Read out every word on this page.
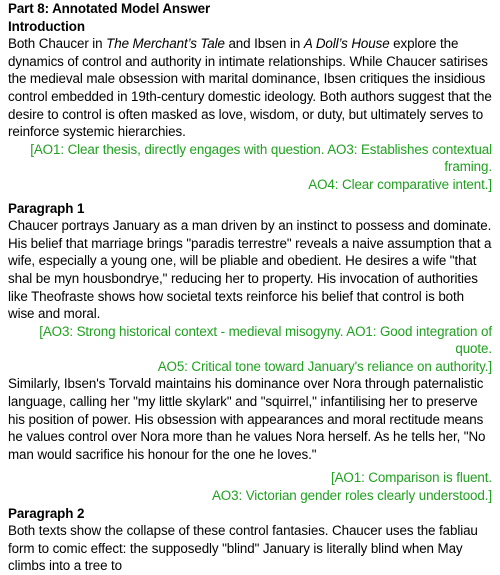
Part 8: Annotated Model Answer
Introduction

Both Chaucer in The Merchant’s Tale and Ibsen in A Doll’s House explore the dynamics of control and authority in intimate relationships. While Chaucer satirises the medieval male obsession with marital dominance, Ibsen critiques the insidious control embedded in 19th-century domestic ideology. Both authors suggest that the desire to control is often masked as love, wisdom, or duty, but ultimately serves to reinforce systemic hierarchies.

[AO1: Clear thesis, directly engages with question. AO3: Establishes contextual framing.
AO4: Clear comparative intent.]
Paragraph 1

Chaucer portrays January as a man driven by an instinct to possess and dominate. His belief that marriage brings "paradis terrestre" reveals a naive assumption that a wife, especially a young one, will be pliable and obedient. He desires a wife "that shal be myn housbondrye," reducing her to property. His invocation of authorities like Theofraste shows how societal texts reinforce his belief that control is both wise and moral.

[AO3: Strong historical context - medieval misogyny. AO1: Good integration of quote.
AO5: Critical tone toward January's reliance on authority.]

Similarly, Ibsen's Torvald maintains his dominance over Nora through paternalistic language, calling her "my little skylark" and "squirrel," infantilising her to preserve his position of power. His obsession with appearances and moral rectitude means he values control over Nora more than he values Nora herself. As he tells her, "No man would sacrifice his honour for the one he loves."

[AO1: Comparison is fluent.
AO3: Victorian gender roles clearly understood.]
Paragraph 2

Both texts show the collapse of these control fantasies. Chaucer uses the fabliau form to comic effect: the supposedly "blind" January is literally blind when May climbs into a tree to
